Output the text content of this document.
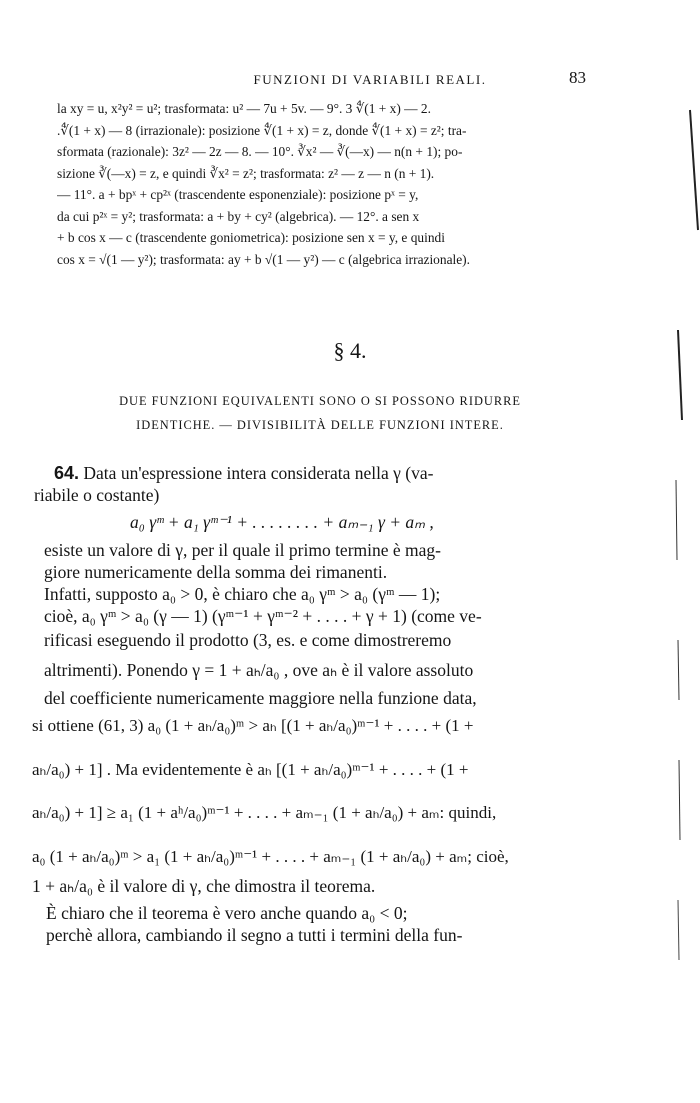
FUNZIONI DI VARIABILI REALI.	83
la xy = u, x²y² = u²; trasformata: u² — 7u + 5v. — 9°. 3 ∜(1 + x) — 2.
.∜(1 + x) — 8 (irrazionale): posizione ∜(1 + x) = z, donde ∜(1 + x) = z²; tra-
sformata (razionale): 3z² — 2z — 8. — 10°. ∛x² — ∛(—x) — n(n + 1); po-
sizione ∛(—x) = z, e quindi ∛x² = z²; trasformata: z² — z — n (n + 1).
— 11°. a + bpˣ + cp²ˣ (trascendente esponenziale): posizione pˣ = y,
da cui p²ˣ = y²; trasformata: a + by + cy² (algebrica). — 12°. a sen x
+ b cos x — c (trascendente goniometrica): posizione sen x = y, e quindi
cos x = √(1 — y²); trasformata: ay + b √(1 — y²) — c (algebrica irrazionale).
§ 4.
DUE FUNZIONI EQUIVALENTI SONO O SI POSSONO RIDURRE
IDENTICHE. — DIVISIBILITÀ DELLE FUNZIONI INTERE.
64. Data un'espressione intera considerata nella γ (va-
riabile o costante)
a₀ γᵐ + a₁ γᵐ⁻¹ + . . . . . . . . + aₘ₋₁ γ + aₘ ,
esiste un valore di γ, per il quale il primo termine è mag-
giore numericamente della somma dei rimanenti.
Infatti, supposto a₀ > 0, è chiaro che a₀ γᵐ > a₀ (γᵐ — 1);
cioè, a₀ γᵐ > a₀ (γ — 1) (γᵐ⁻¹ + γᵐ⁻² + . . . . + γ + 1) (come ve-
rificasi eseguendo il prodotto (3, es. e come dimostreremo
altrimenti). Ponendo γ = 1 + aₕ/a₀ , ove aₕ è il valore assoluto
del coefficiente numericamente maggiore nella funzione data,
si ottiene (61, 3) a₀ (1 + aₕ/a₀)ᵐ > aₕ [(1 + aₕ/a₀)ᵐ⁻¹ + . . . . + (1 +
aₕ/a₀) + 1] . Ma evidentemente è aₕ [(1 + aₕ/a₀)ᵐ⁻¹ + . . . . + (1 +
aₕ/a₀) + 1] ≥ a₁ (1 + aʰ/a₀)ᵐ⁻¹ + . . . . + aₘ₋₁ (1 + aₕ/a₀) + aₘ: quindi,
a₀ (1 + aₕ/a₀)ᵐ > a₁ (1 + aₕ/a₀)ᵐ⁻¹ + . . . . + aₘ₋₁ (1 + aₕ/a₀) + aₘ; cioè,
1 + aₕ/a₀ è il valore di γ, che dimostra il teorema.
È chiaro che il teorema è vero anche quando a₀ < 0;
perchè allora, cambiando il segno a tutti i termini della fun-
